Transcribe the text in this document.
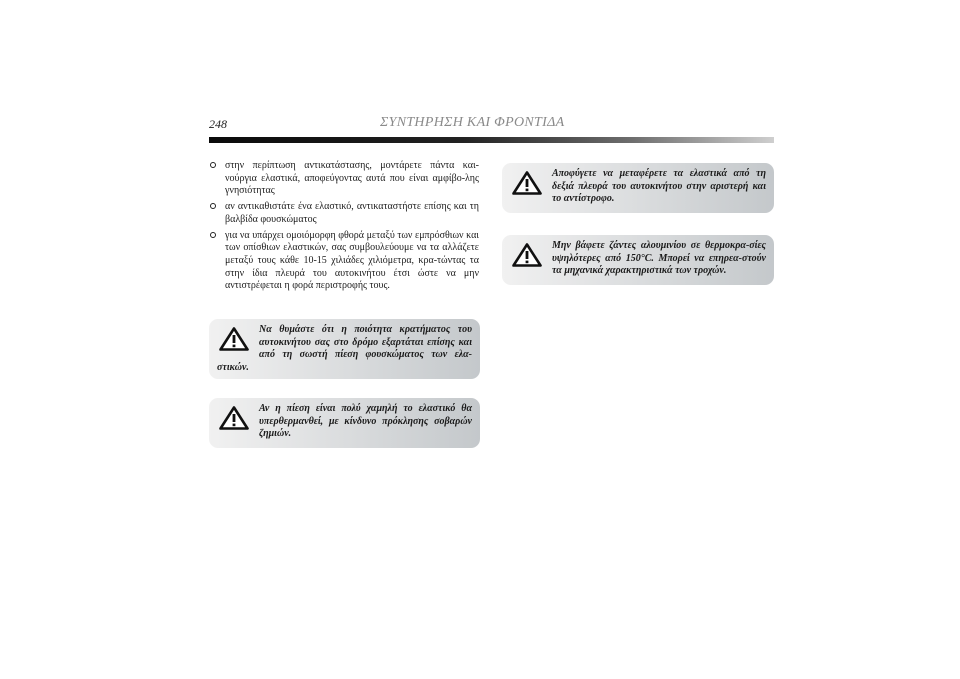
248	ΣΥΝΤΗΡΗΣΗ ΚΑΙ ΦΡΟΝΤΙΔΑ
στην περίπτωση αντικατάστασης, μοντάρετε πάντα και-νούργια ελαστικά, αποφεύγοντας αυτά που είναι αμφίβο-λης γνησιότητας
αν αντικαθιστάτε ένα ελαστικό, αντικαταστήστε επίσης και τη βαλβίδα φουσκώματος
για να υπάρχει ομοιόμορφη φθορά μεταξύ των εμπρόσθιων και των οπίσθιων ελαστικών, σας συμβουλεύουμε να τα αλλάζετε μεταξύ τους κάθε 10-15 χιλιάδες χιλιόμετρα, κρα-τώντας τα στην ίδια πλευρά του αυτοκινήτου έτσι ώστε να μην αντιστρέφεται η φορά περιστροφής τους.
Να θυμάστε ότι η ποιότητα κρατήματος του αυτοκινήτου σας στο δρόμο εξαρτάται επίσης και από τη σωστή πίεση φουσκώματος των ελα-στικών.
Αν η πίεση είναι πολύ χαμηλή το ελαστικό θα υπερθερμανθεί, με κίνδυνο πρόκλησης σοβαρών ζημιών.
Αποφύγετε να μεταφέρετε τα ελαστικά από τη δεξιά πλευρά του αυτοκινήτου στην αριστερή και το αντίστροφο.
Μην βάφετε ζάντες αλουμινίου σε θερμοκρα-σίες υψηλότερες από 150°C. Μπορεί να επηρεα-στούν τα μηχανικά χαρακτηριστικά των τροχών.
